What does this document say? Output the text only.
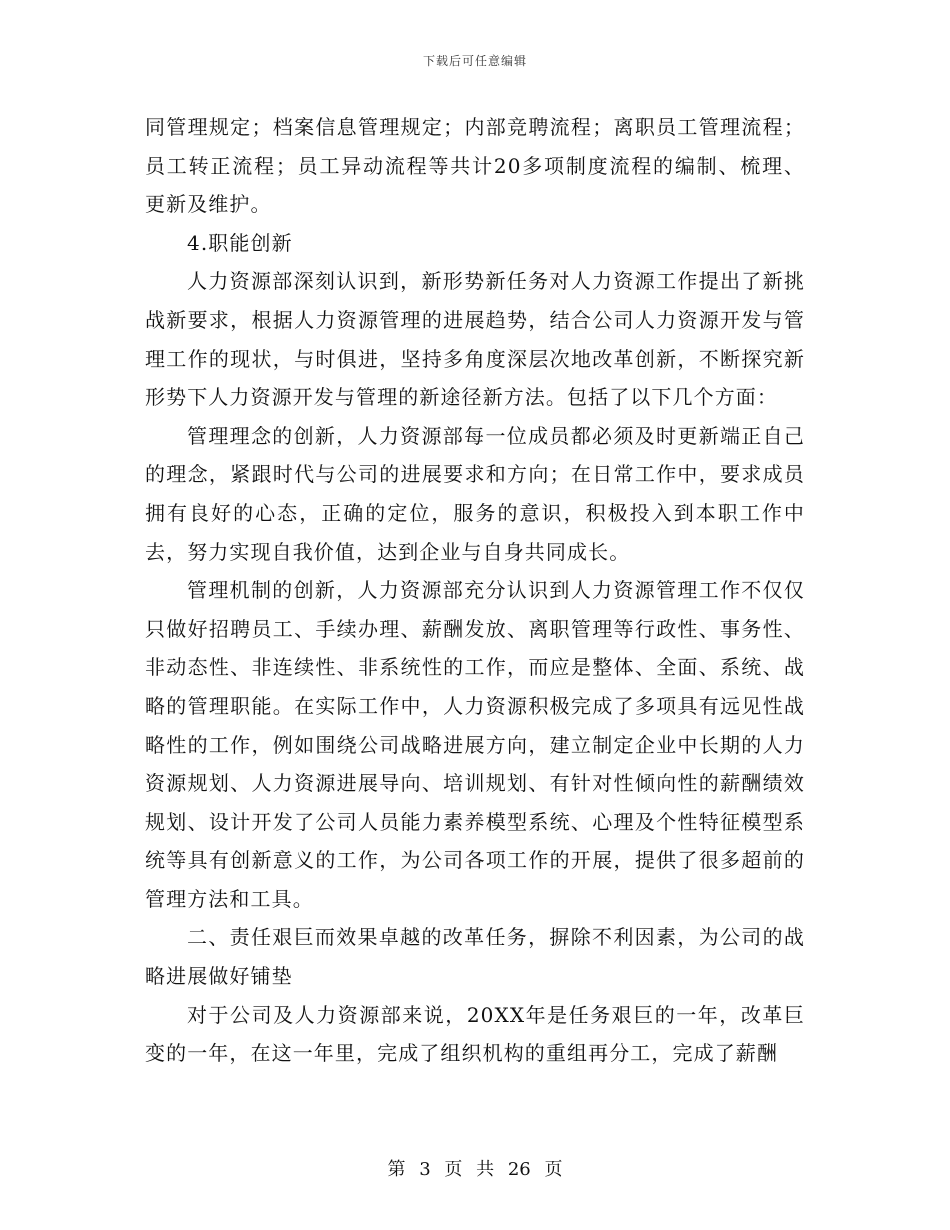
下载后可任意编辑

同管理规定；档案信息管理规定；内部竞聘流程；离职员工管理流程；员工转正流程；员工异动流程等共计20多项制度流程的编制、梳理、更新及维护。

4.职能创新

人力资源部深刻认识到，新形势新任务对人力资源工作提出了新挑战新要求，根据人力资源管理的进展趋势，结合公司人力资源开发与管理工作的现状，与时俱进，坚持多角度深层次地改革创新，不断探究新形势下人力资源开发与管理的新途径新方法。包括了以下几个方面：

管理理念的创新，人力资源部每一位成员都必须及时更新端正自己的理念，紧跟时代与公司的进展要求和方向；在日常工作中，要求成员拥有良好的心态，正确的定位，服务的意识，积极投入到本职工作中去，努力实现自我价值，达到企业与自身共同成长。

管理机制的创新，人力资源部充分认识到人力资源管理工作不仅仅只做好招聘员工、手续办理、薪酬发放、离职管理等行政性、事务性、非动态性、非连续性、非系统性的工作，而应是整体、全面、系统、战略的管理职能。在实际工作中，人力资源积极完成了多项具有远见性战略性的工作，例如围绕公司战略进展方向，建立制定企业中长期的人力资源规划、人力资源进展导向、培训规划、有针对性倾向性的薪酬绩效规划、设计开发了公司人员能力素养模型系统、心理及个性特征模型系统等具有创新意义的工作，为公司各项工作的开展，提供了很多超前的管理方法和工具。

二、责任艰巨而效果卓越的改革任务，摒除不利因素，为公司的战略进展做好铺垫

对于公司及人力资源部来说，20XX年是任务艰巨的一年，改革巨变的一年，在这一年里，完成了组织机构的重组再分工，完成了薪酬

第 3 页 共 26 页
